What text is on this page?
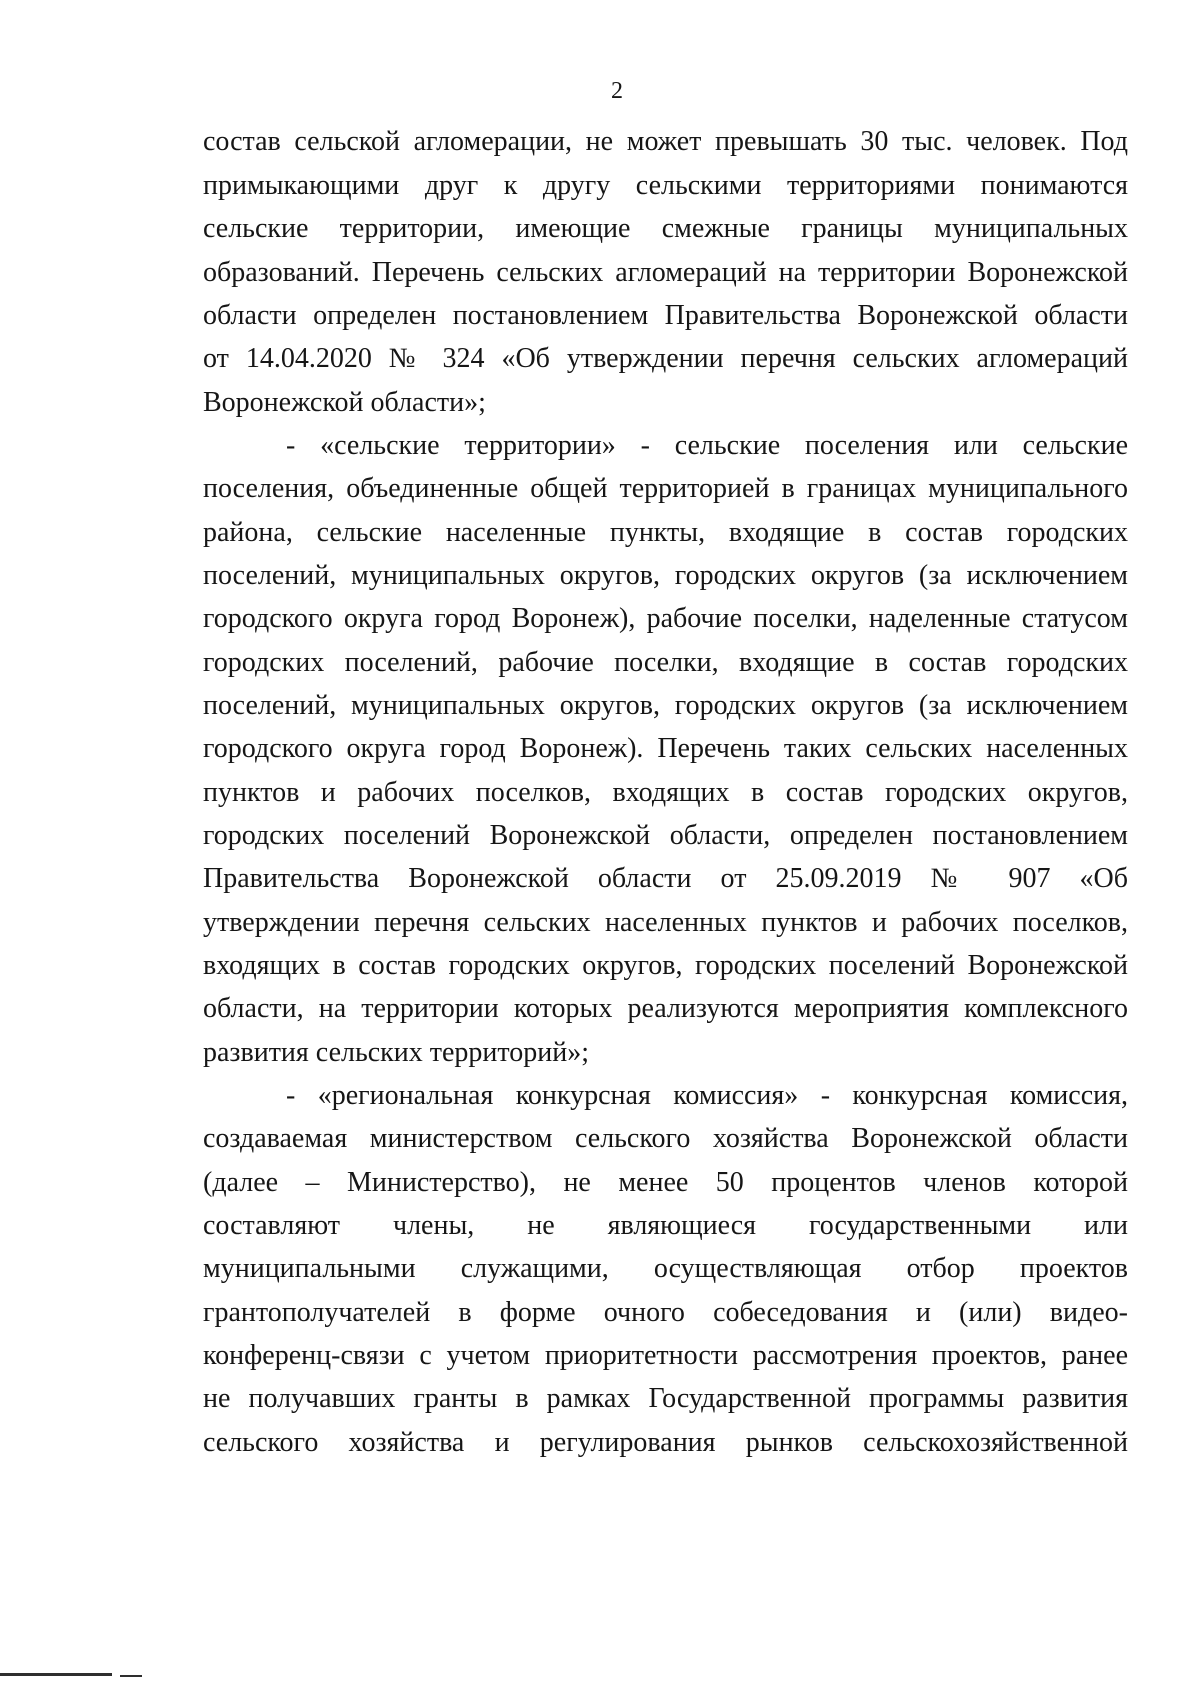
2
состав сельской агломерации, не может превышать 30 тыс. человек. Под
примыкающими друг к другу сельскими территориями понимаются
сельские территории, имеющие смежные границы муниципальных
образований. Перечень сельских агломераций на территории Воронежской
области определен постановлением Правительства Воронежской области
от 14.04.2020 № 324 «Об утверждении перечня сельских агломераций
Воронежской области»;
- «сельские территории» - сельские поселения или сельские
поселения, объединенные общей территорией в границах муниципального
района, сельские населенные пункты, входящие в состав городских
поселений, муниципальных округов, городских округов (за исключением
городского округа город Воронеж), рабочие поселки, наделенные статусом
городских поселений, рабочие поселки, входящие в состав городских
поселений, муниципальных округов, городских округов (за исключением
городского округа город Воронеж). Перечень таких сельских населенных
пунктов и рабочих поселков, входящих в состав городских округов,
городских поселений Воронежской области, определен постановлением
Правительства Воронежской области от 25.09.2019 № 907 «Об
утверждении перечня сельских населенных пунктов и рабочих поселков,
входящих в состав городских округов, городских поселений Воронежской
области, на территории которых реализуются мероприятия комплексного
развития сельских территорий»;
- «региональная конкурсная комиссия» - конкурсная комиссия,
создаваемая министерством сельского хозяйства Воронежской области
(далее – Министерство), не менее 50 процентов членов которой
составляют члены, не являющиеся государственными или
муниципальными служащими, осуществляющая отбор проектов
грантополучателей в форме очного собеседования и (или) видео-
конференц-связи с учетом приоритетности рассмотрения проектов, ранее
не получавших гранты в рамках Государственной программы развития
сельского хозяйства и регулирования рынков сельскохозяйственной
